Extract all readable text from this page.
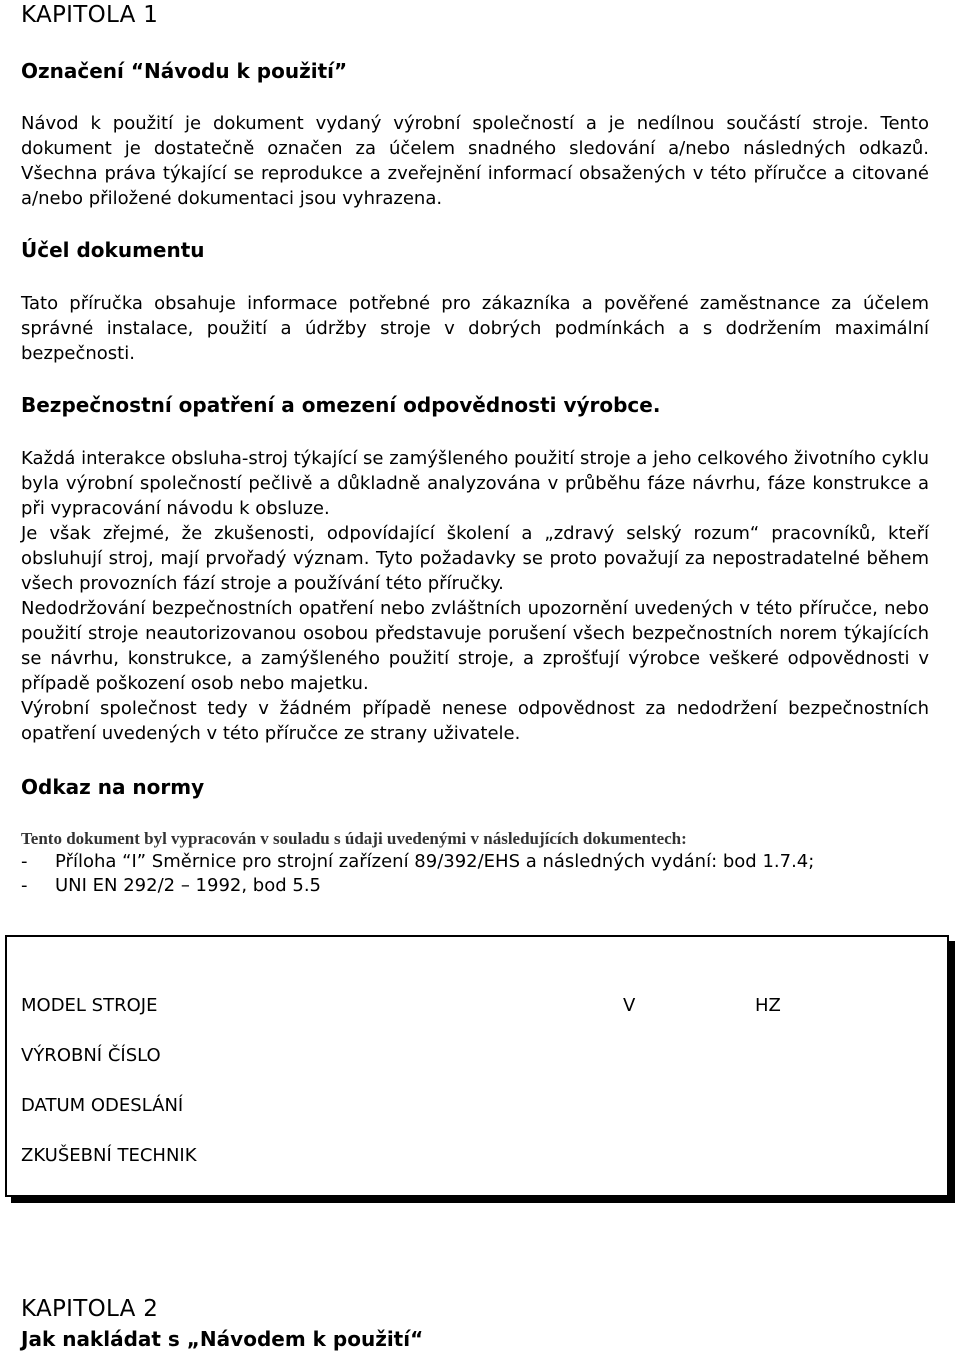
KAPITOLA 1
Označení “Návodu k použití”
Návod k použití je dokument vydaný výrobní společností a je nedílnou součástí stroje. Tento dokument je dostatečně označen za účelem snadného sledování a/nebo následných odkazů. Všechna práva týkající se reprodukce a zveřejnění informací obsažených v této příručce a citované a/nebo přiložené dokumentaci jsou vyhrazena.
Účel dokumentu
Tato příručka obsahuje informace potřebné pro zákazníka a pověřené zaměstnance za účelem správné instalace, použití a údržby stroje v dobrých podmínkách a s dodržením maximální bezpečnosti.
Bezpečnostní opatření a omezení odpovědnosti výrobce.

Každá interakce obsluha-stroj týkající se zamýšleného použití stroje a jeho celkového životního cyklu byla výrobní společností pečlivě a důkladně analyzována v průběhu fáze návrhu, fáze konstrukce a při vypracování návodu k obsluze.

Je však zřejmé, že zkušenosti, odpovídající školení a „zdravý selský rozum“ pracovníků, kteří obsluhují stroj, mají prvořadý význam. Tyto požadavky se proto považují za nepostradatelné během všech provozních fází stroje a používání této příručky.

Nedodržování bezpečnostních opatření nebo zvláštních upozornění uvedených v této příručce, nebo použití stroje neautorizovanou osobou představuje porušení všech bezpečnostních norem týkajících se návrhu, konstrukce, a zamýšleného použití stroje, a zprošťují výrobce veškeré odpovědnosti v případě poškození osob nebo majetku.

Výrobní společnost tedy v žádném případě nenese odpovědnost za nedodržení bezpečnostních opatření uvedených v této příručce ze strany uživatele.

Odkaz na normy
Tento dokument byl vypracován v souladu s údaji uvedenými v následujících dokumentech:
-	Příloha “I” Směrnice pro strojní zařízení 89/392/EHS a následných vydání: bod 1.7.4;
-	UNI EN 292/2 – 1992, bod 5.5
MODEL STROJE	V	HZ
VÝROBNÍ ČÍSLO
DATUM ODESLÁNÍ
ZKUŠEBNÍ TECHNIK
KAPITOLA 2
Jak nakládat s „Návodem k použití“
